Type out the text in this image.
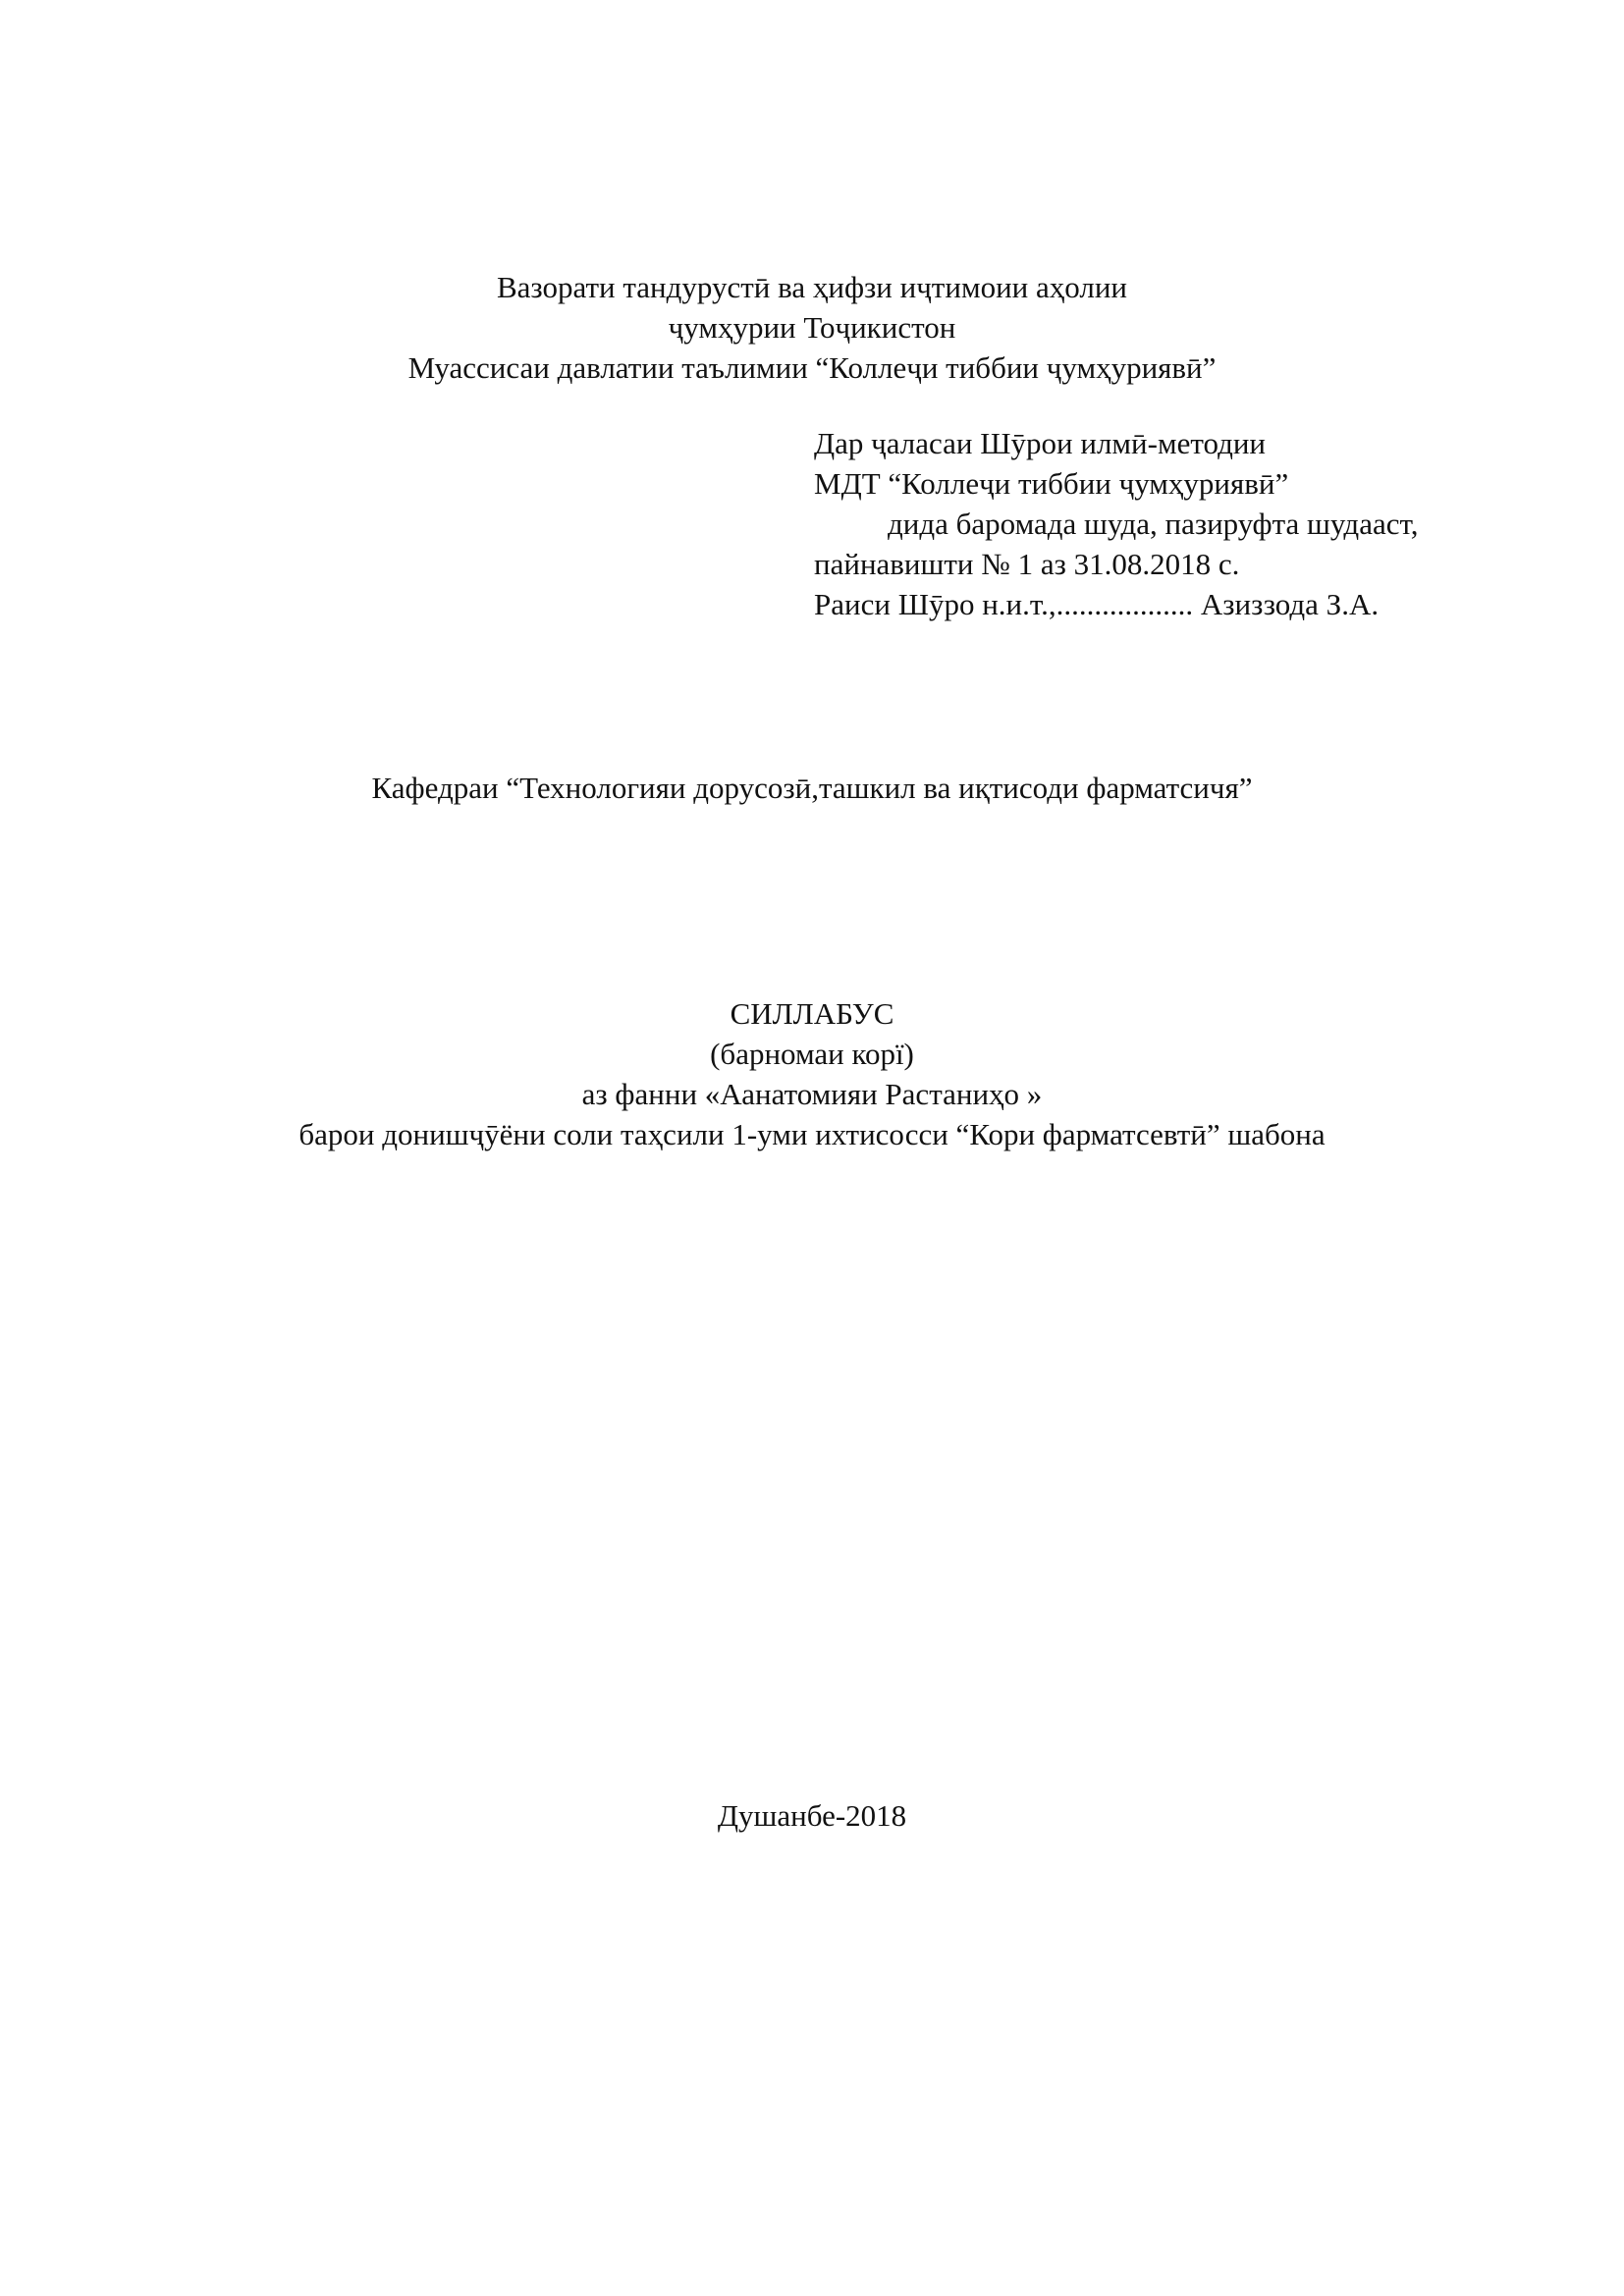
Вазорати тандурустӣ ва ҳифзи иҷтимоии аҳолии
ҷумҳурии Тоҷикистон
Муассисаи давлатии таълимии “Коллеҷи тиббии ҷумҳуриявӣ”
Дар ҷаласаи Шӯрои илмӣ-методии
МДТ “Коллеҷи тиббии ҷумҳуриявӣ”
дида баромада шуда, пазируфта шудааст,
пайнавишти № 1 аз 31.08.2018 с.
Раиси Шӯро н.и.т.,.................. Азиззода З.А.
Кафедраи “Технологияи дорусозӣ,ташкил ва иқтисоди фарматсичя”
СИЛЛАБУС
(барномаи корї)
аз фанни «Аанатомияи Растаниҳо »
барои донишҷӯёни соли таҳсили 1-уми ихтисосси “Кори фарматсевтӣ” шабона
Душанбе-2018
